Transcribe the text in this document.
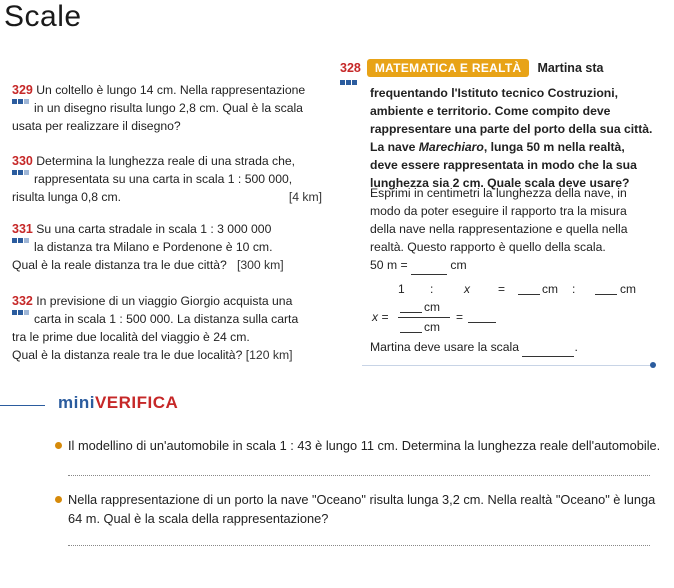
Scale
329 Un coltello è lungo 14 cm. Nella rappresentazione
in un disegno risulta lungo 2,8 cm. Qual è la scala
usata per realizzare il disegno?
330 Determina la lunghezza reale di una strada che,
rappresentata su una carta in scala 1 : 500 000,
risulta lunga 0,8 cm.	[4 km]
331 Su una carta stradale in scala 1 : 3 000 000
la distanza tra Milano e Pordenone è 10 cm.
Qual è la reale distanza tra le due città? [300 km]
332 In previsione di un viaggio Giorgio acquista una
carta in scala 1 : 500 000. La distanza sulla carta
tra le prime due località del viaggio è 24 cm.
Qual è la distanza reale tra le due località? [120 km]
328	MATEMATICA E REALTÀ	Martina sta
frequentando l'Istituto tecnico Costruzioni,
ambiente e territorio. Come compito deve
rappresentare una parte del porto della sua città.
La nave Marechiaro, lunga 50 m nella realtà,
deve essere rappresentata in modo che la sua
lunghezza sia 2 cm. Quale scala deve usare?
Esprimi in centimetri la lunghezza della nave, in
modo da poter eseguire il rapporto tra la misura
della nave nella rappresentazione e quella nella
realtà. Questo rapporto è quello della scala.
50 m =	cm
1 :	x =	cm :	cm
x =
cm
cm
=
Martina deve usare la scala	.
miniVERIFICA
Il modellino di un'automobile in scala 1 : 43 è lungo 11 cm. Determina la lunghezza reale dell'automobile.
Nella rappresentazione di un porto la nave "Oceano" risulta lunga 3,2 cm. Nella realtà "Oceano" è lunga
64 m. Qual è la scala della rappresentazione?
